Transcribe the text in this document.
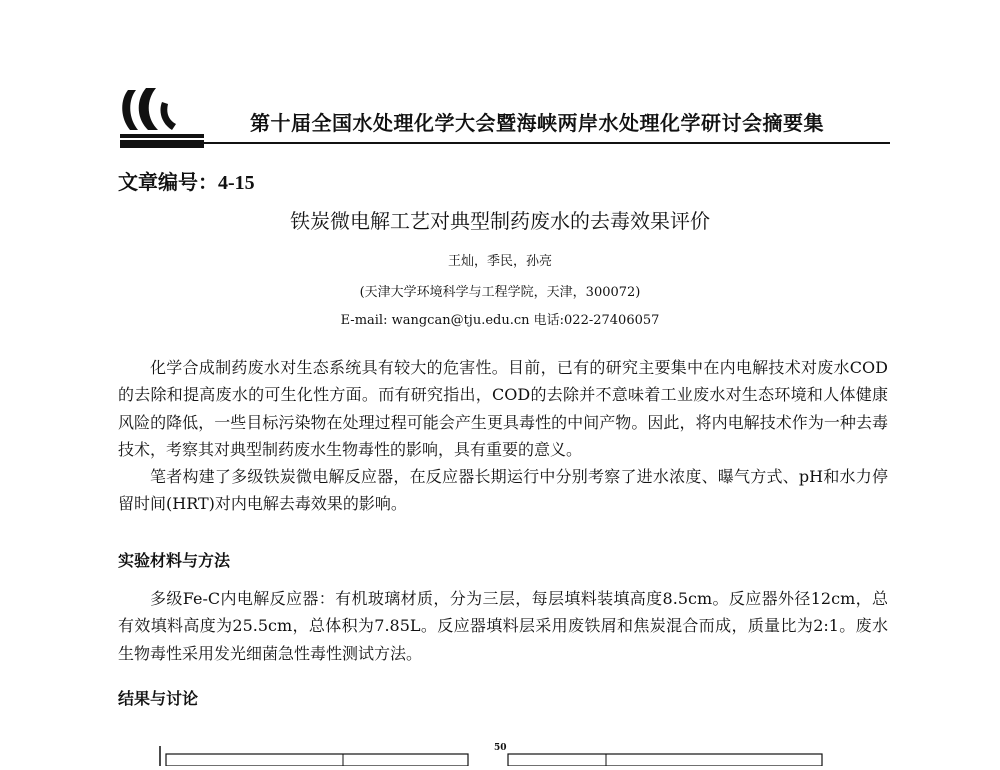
第十届全国水处理化学大会暨海峡两岸水处理化学研讨会摘要集
文章编号：4-15
铁炭微电解工艺对典型制药废水的去毒效果评价
王灿，季民，孙亮
(天津大学环境科学与工程学院，天津，300072)
E-mail: wangcan@tju.edu.cn 电话:022-27406057

化学合成制药废水对生态系统具有较大的危害性。目前，已有的研究主要集中在内电解技术对废水COD的去除和提高废水的可生化性方面。而有研究指出，COD的去除并不意味着工业废水对生态环境和人体健康风险的降低，一些目标污染物在处理过程可能会产生更具毒性的中间产物。因此，将内电解技术作为一种去毒技术，考察其对典型制药废水生物毒性的影响，具有重要的意义。

笔者构建了多级铁炭微电解反应器，在反应器长期运行中分别考察了进水浓度、曝气方式、pH和水力停留时间(HRT)对内电解去毒效果的影响。

实验材料与方法

多级Fe-C内电解反应器：有机玻璃材质，分为三层，每层填料装填高度8.5cm。反应器外径12cm，总有效填料高度为25.5cm，总体积为7.85L。反应器填料层采用废铁屑和焦炭混合而成，质量比为2:1。废水生物毒性采用发光细菌急性毒性测试方法。

结果与讨论
50
